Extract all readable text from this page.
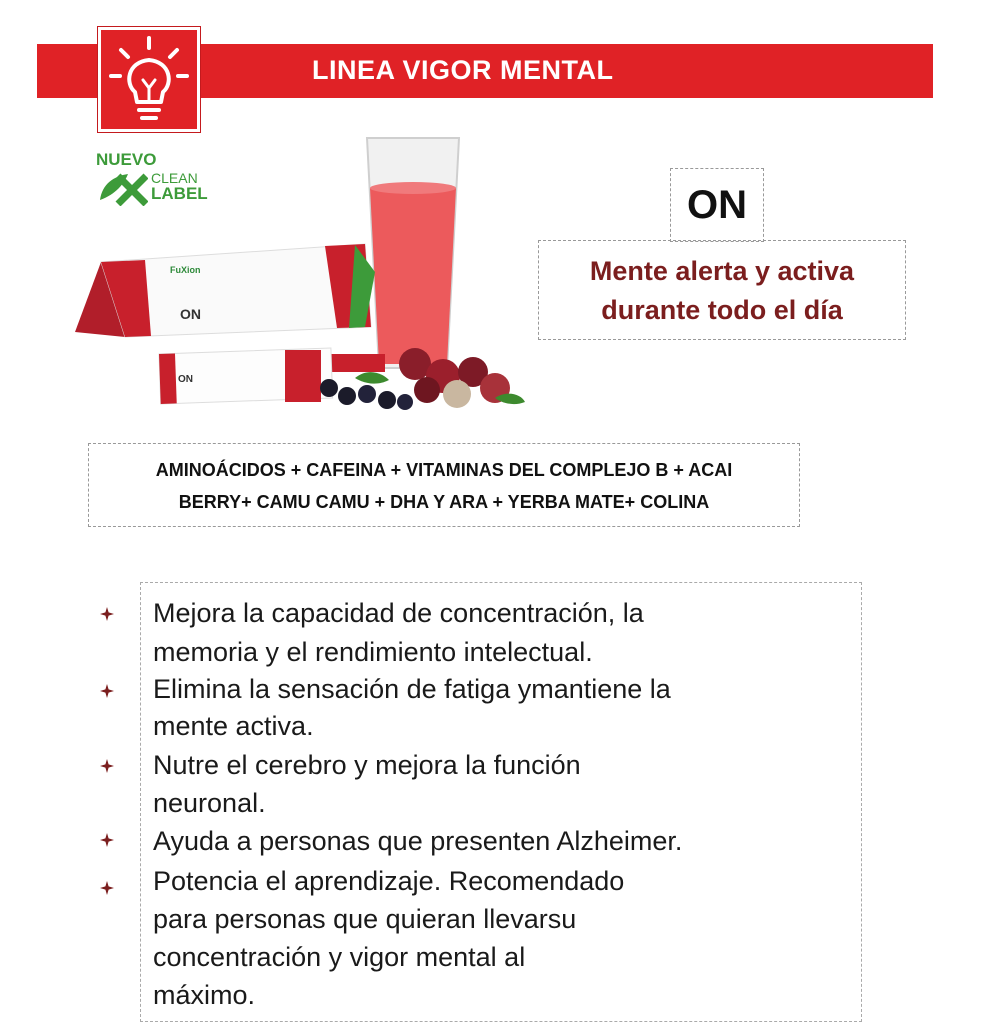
LINEA VIGOR MENTAL
NUEVO
CLEAN
LABEL
ON
FuXion
ON
ON
Mente alerta y activa
durante todo el día
AMINOÁCIDOS + CAFEINA + VITAMINAS DEL COMPLEJO B + ACAI
BERRY+ CAMU CAMU + DHA Y ARA + YERBA MATE+ COLINA
Mejora la capacidad de concentración, la
memoria y el rendimiento intelectual.
Elimina la sensación de fatiga ymantiene la
mente activa.
Nutre el cerebro y mejora la función
neuronal.
Ayuda a personas que presenten Alzheimer.
Potencia el aprendizaje. Recomendado
para personas que quieran llevarsu
concentración y vigor mental al
máximo.
